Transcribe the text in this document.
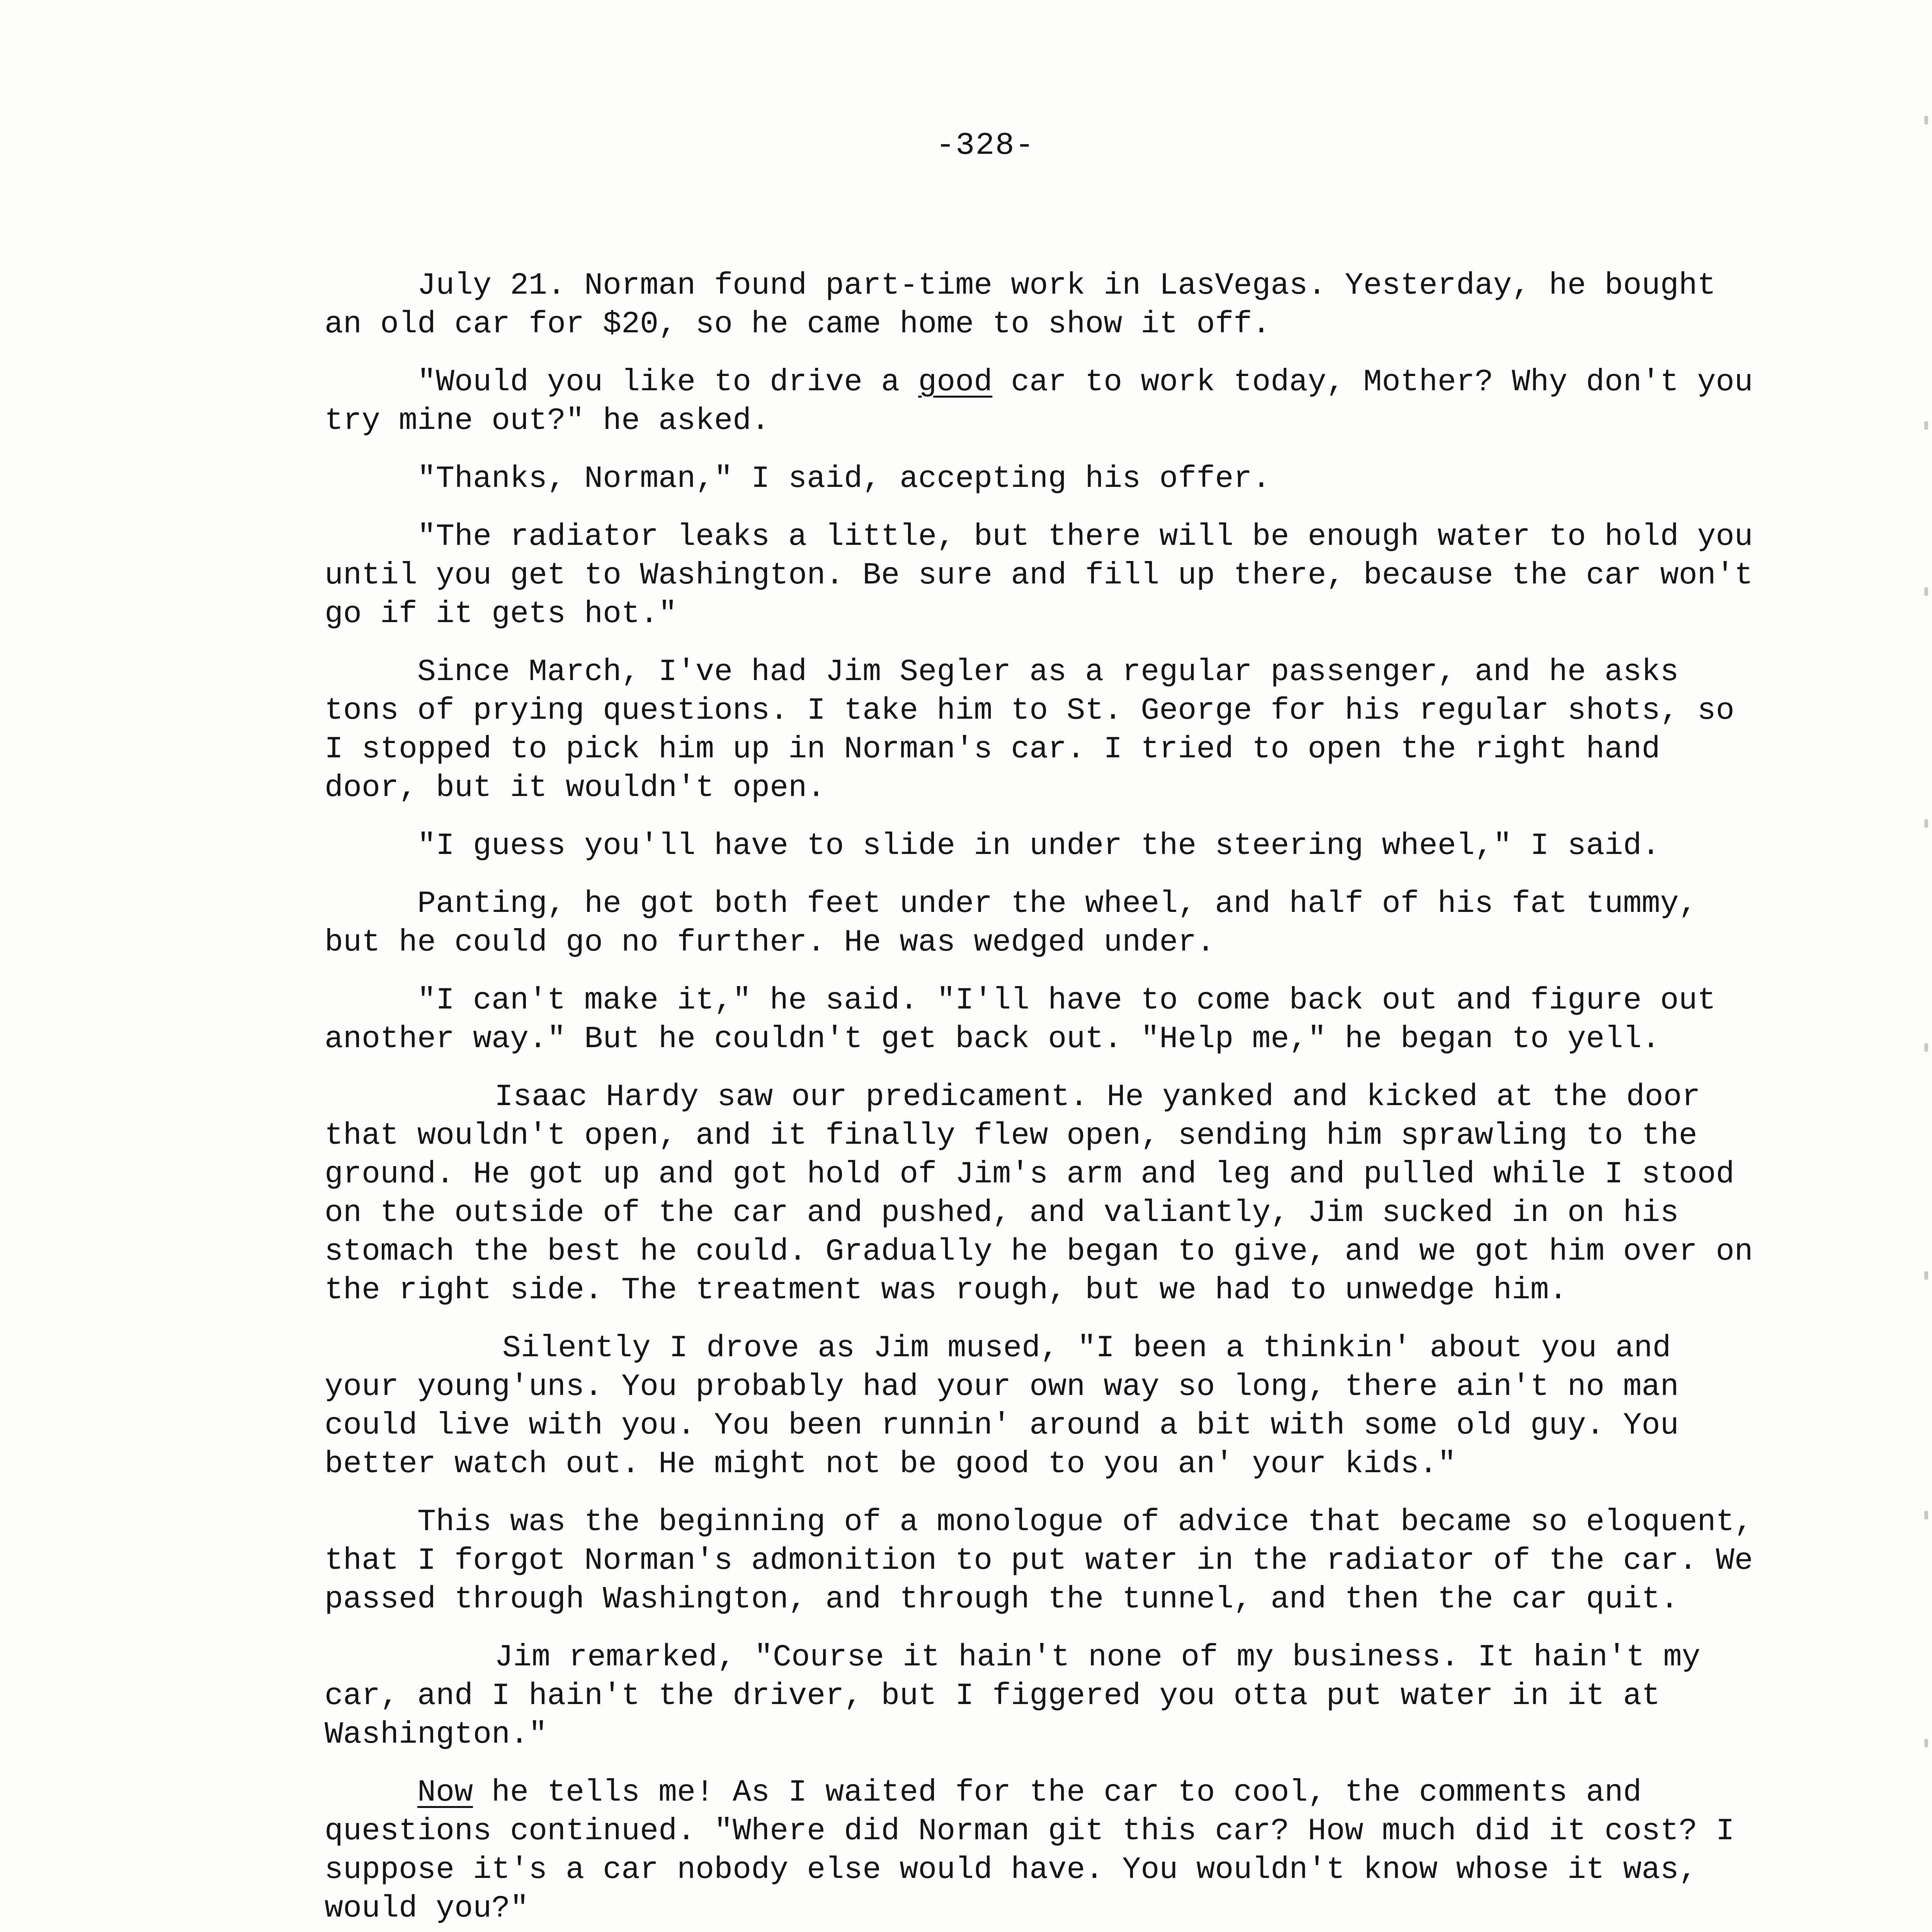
-328-

July 21. Norman found part-time work in LasVegas. Yesterday, he bought an old car for $20, so he came home to show it off.

"Would you like to drive a good car to work today, Mother? Why don't you try mine out?" he asked.

"Thanks, Norman," I said, accepting his offer.

"The radiator leaks a little, but there will be enough water to hold you until you get to Washington. Be sure and fill up there, because the car won't go if it gets hot."

Since March, I've had Jim Segler as a regular passenger, and he asks tons of prying questions. I take him to St. George for his regular shots, so I stopped to pick him up in Norman's car. I tried to open the right hand door, but it wouldn't open.

"I guess you'll have to slide in under the steering wheel," I said.

Panting, he got both feet under the wheel, and half of his fat tummy, but he could go no further. He was wedged under.

"I can't make it," he said. "I'll have to come back out and figure out another way." But he couldn't get back out. "Help me," he began to yell.

Isaac Hardy saw our predicament. He yanked and kicked at the door that wouldn't open, and it finally flew open, sending him sprawling to the ground. He got up and got hold of Jim's arm and leg and pulled while I stood on the outside of the car and pushed, and valiantly, Jim sucked in on his stomach the best he could. Gradually he began to give, and we got him over on the right side. The treatment was rough, but we had to unwedge him.

Silently I drove as Jim mused, "I been a thinkin' about you and your young'uns. You probably had your own way so long, there ain't no man could live with you. You been runnin' around a bit with some old guy. You better watch out. He might not be good to you an' your kids."

This was the beginning of a monologue of advice that became so eloquent, that I forgot Norman's admonition to put water in the radiator of the car. We passed through Washington, and through the tunnel, and then the car quit.

Jim remarked, "Course it hain't none of my business. It hain't my car, and I hain't the driver, but I figgered you otta put water in it at Washington."

Now he tells me! As I waited for the car to cool, the comments and questions continued. "Where did Norman git this car? How much did it cost? I suppose it's a car nobody else would have. You wouldn't know whose it was, would you?"
